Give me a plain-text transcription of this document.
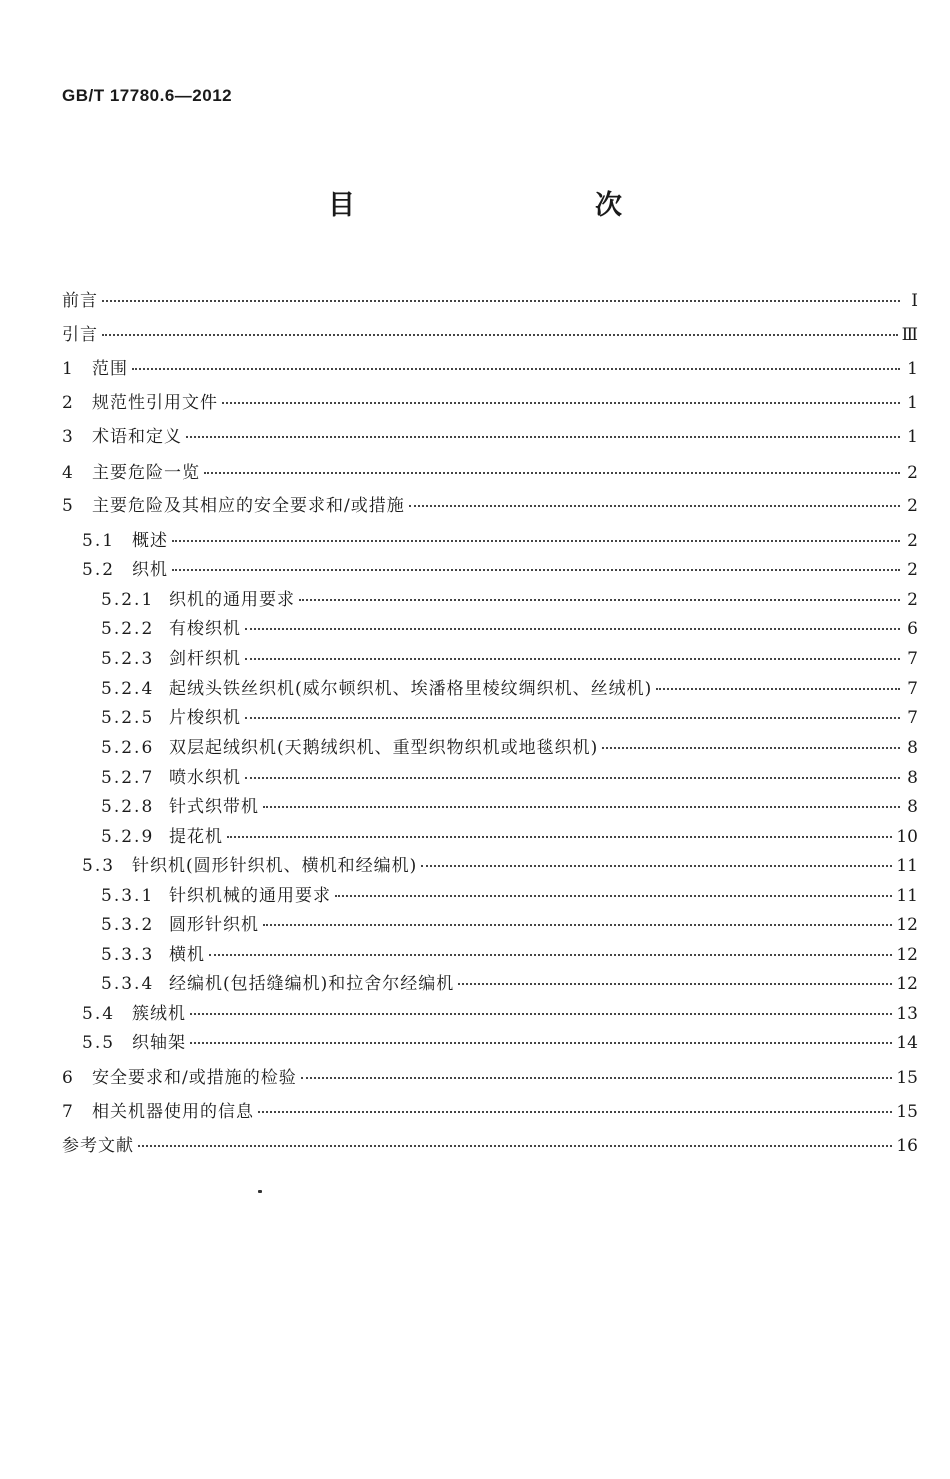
GB/T 17780.6—2012
目　　次
前言	Ⅰ
引言	Ⅲ
1	范围	1
2	规范性引用文件	1
3	术语和定义	1
4	主要危险一览	2
5	主要危险及其相应的安全要求和/或措施	2
5.1 概述	2
5.2 织机	2
5.2.1 织机的通用要求	2
5.2.2 有梭织机	6
5.2.3 剑杆织机	7
5.2.4 起绒头铁丝织机(威尔顿织机、埃潘格里棱纹绸织机、丝绒机)	7
5.2.5 片梭织机	7
5.2.6 双层起绒织机(天鹅绒织机、重型织物织机或地毯织机)	8
5.2.7 喷水织机	8
5.2.8 针式织带机	8
5.2.9 提花机	10
5.3 针织机(圆形针织机、横机和经编机)	11
5.3.1 针织机械的通用要求	11
5.3.2 圆形针织机	12
5.3.3 横机	12
5.3.4 经编机(包括缝编机)和拉舍尔经编机	12
5.4 簇绒机	13
5.5 织轴架	14
6	安全要求和/或措施的检验	15
7	相关机器使用的信息	15
参考文献	16
